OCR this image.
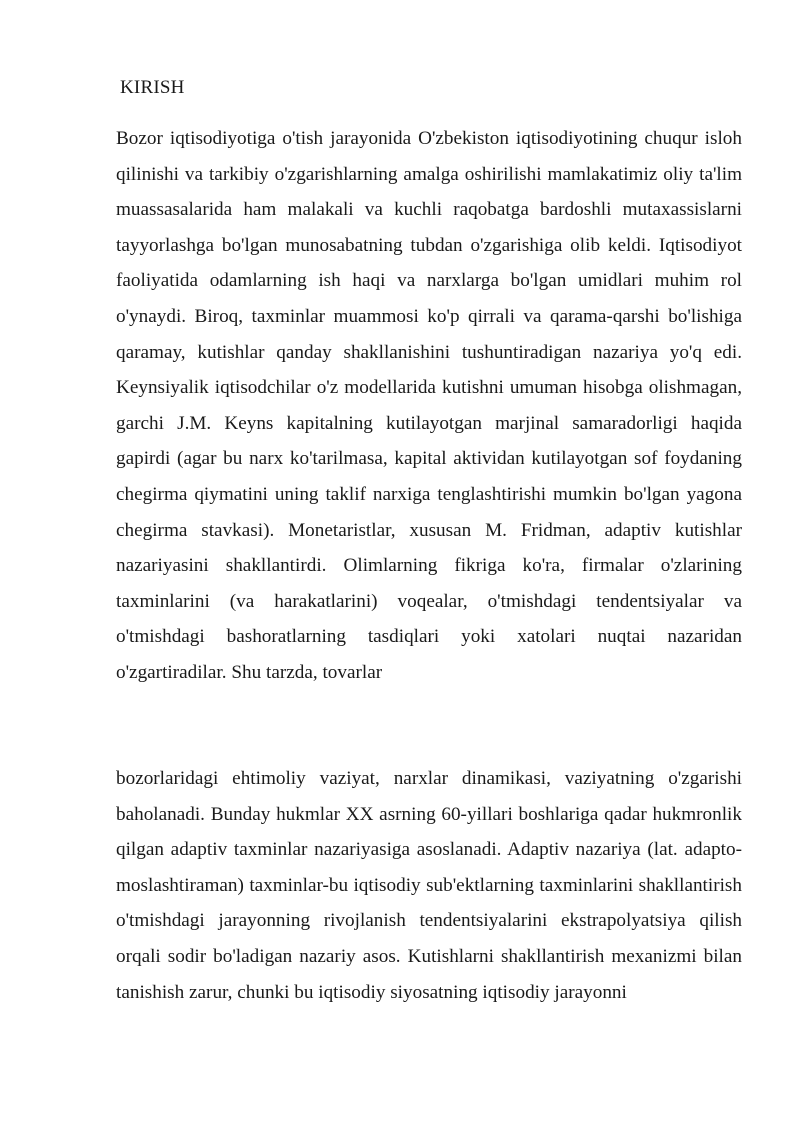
KIRISH

Bozor iqtisodiyotiga o'tish jarayonida O'zbekiston iqtisodiyotining chuqur isloh qilinishi va tarkibiy o'zgarishlarning amalga oshirilishi mamlakatimiz oliy ta'lim muassasalarida ham malakali va kuchli raqobatga bardoshli mutaxassislarni tayyorlashga bo'lgan munosabatning tubdan o'zgarishiga olib keldi. Iqtisodiyot faoliyatida odamlarning ish haqi va narxlarga bo'lgan umidlari muhim rol o'ynaydi. Biroq, taxminlar muammosi ko'p qirrali va qarama-qarshi bo'lishiga qaramay, kutishlar qanday shakllanishini tushuntiradigan nazariya yo'q edi. Keynsiyalik iqtisodchilar o'z modellarida kutishni umuman hisobga olishmagan, garchi J.M. Keyns kapitalning kutilayotgan marjinal samaradorligi haqida gapirdi (agar bu narx ko'tarilmasa, kapital aktividan kutilayotgan sof foydaning chegirma qiymatini uning taklif narxiga tenglashtirishi mumkin bo'lgan yagona chegirma stavkasi). Monetaristlar, xususan M. Fridman, adaptiv kutishlar nazariyasini shakllantirdi. Olimlarning fikriga ko'ra, firmalar o'zlarining taxminlarini (va harakatlarini) voqealar, o'tmishdagi tendentsiyalar va o'tmishdagi bashoratlarning tasdiqlari yoki xatolari nuqtai nazaridan o'zgartiradilar. Shu tarzda, tovarlar

bozorlaridagi ehtimoliy vaziyat, narxlar dinamikasi, vaziyatning o'zgarishi baholanadi. Bunday hukmlar XX asrning 60-yillari boshlariga qadar hukmronlik qilgan adaptiv taxminlar nazariyasiga asoslanadi. Adaptiv nazariya (lat. adapto- moslashtiraman) taxminlar-bu iqtisodiy sub'ektlarning taxminlarini shakllantirish o'tmishdagi jarayonning rivojlanish tendentsiyalarini ekstrapolyatsiya qilish orqali sodir bo'ladigan nazariy asos. Kutishlarni shakllantirish mexanizmi bilan tanishish zarur, chunki bu iqtisodiy siyosatning iqtisodiy jarayonni
